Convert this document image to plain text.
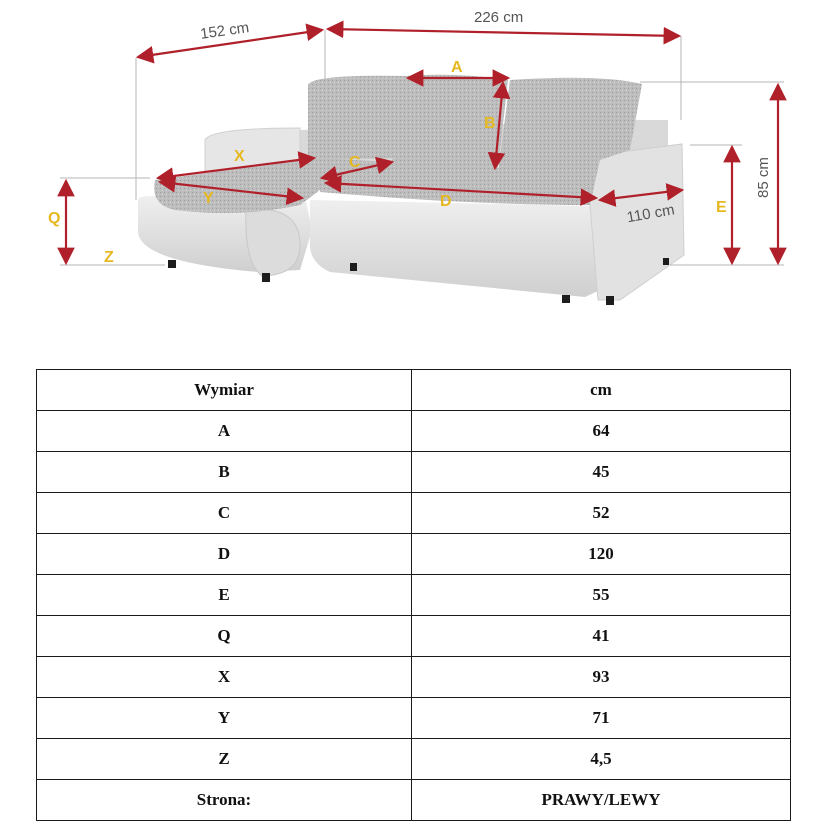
152 cm
226 cm
85 cm
110 cm
A
B
C
D	E
Q
X
Y
Z
Wymiar	cm
A	64
B	45
C	52
D	120
E	55
Q	41
X	93
Y	71
Z	4,5
Strona:	PRAWY/LEWY
